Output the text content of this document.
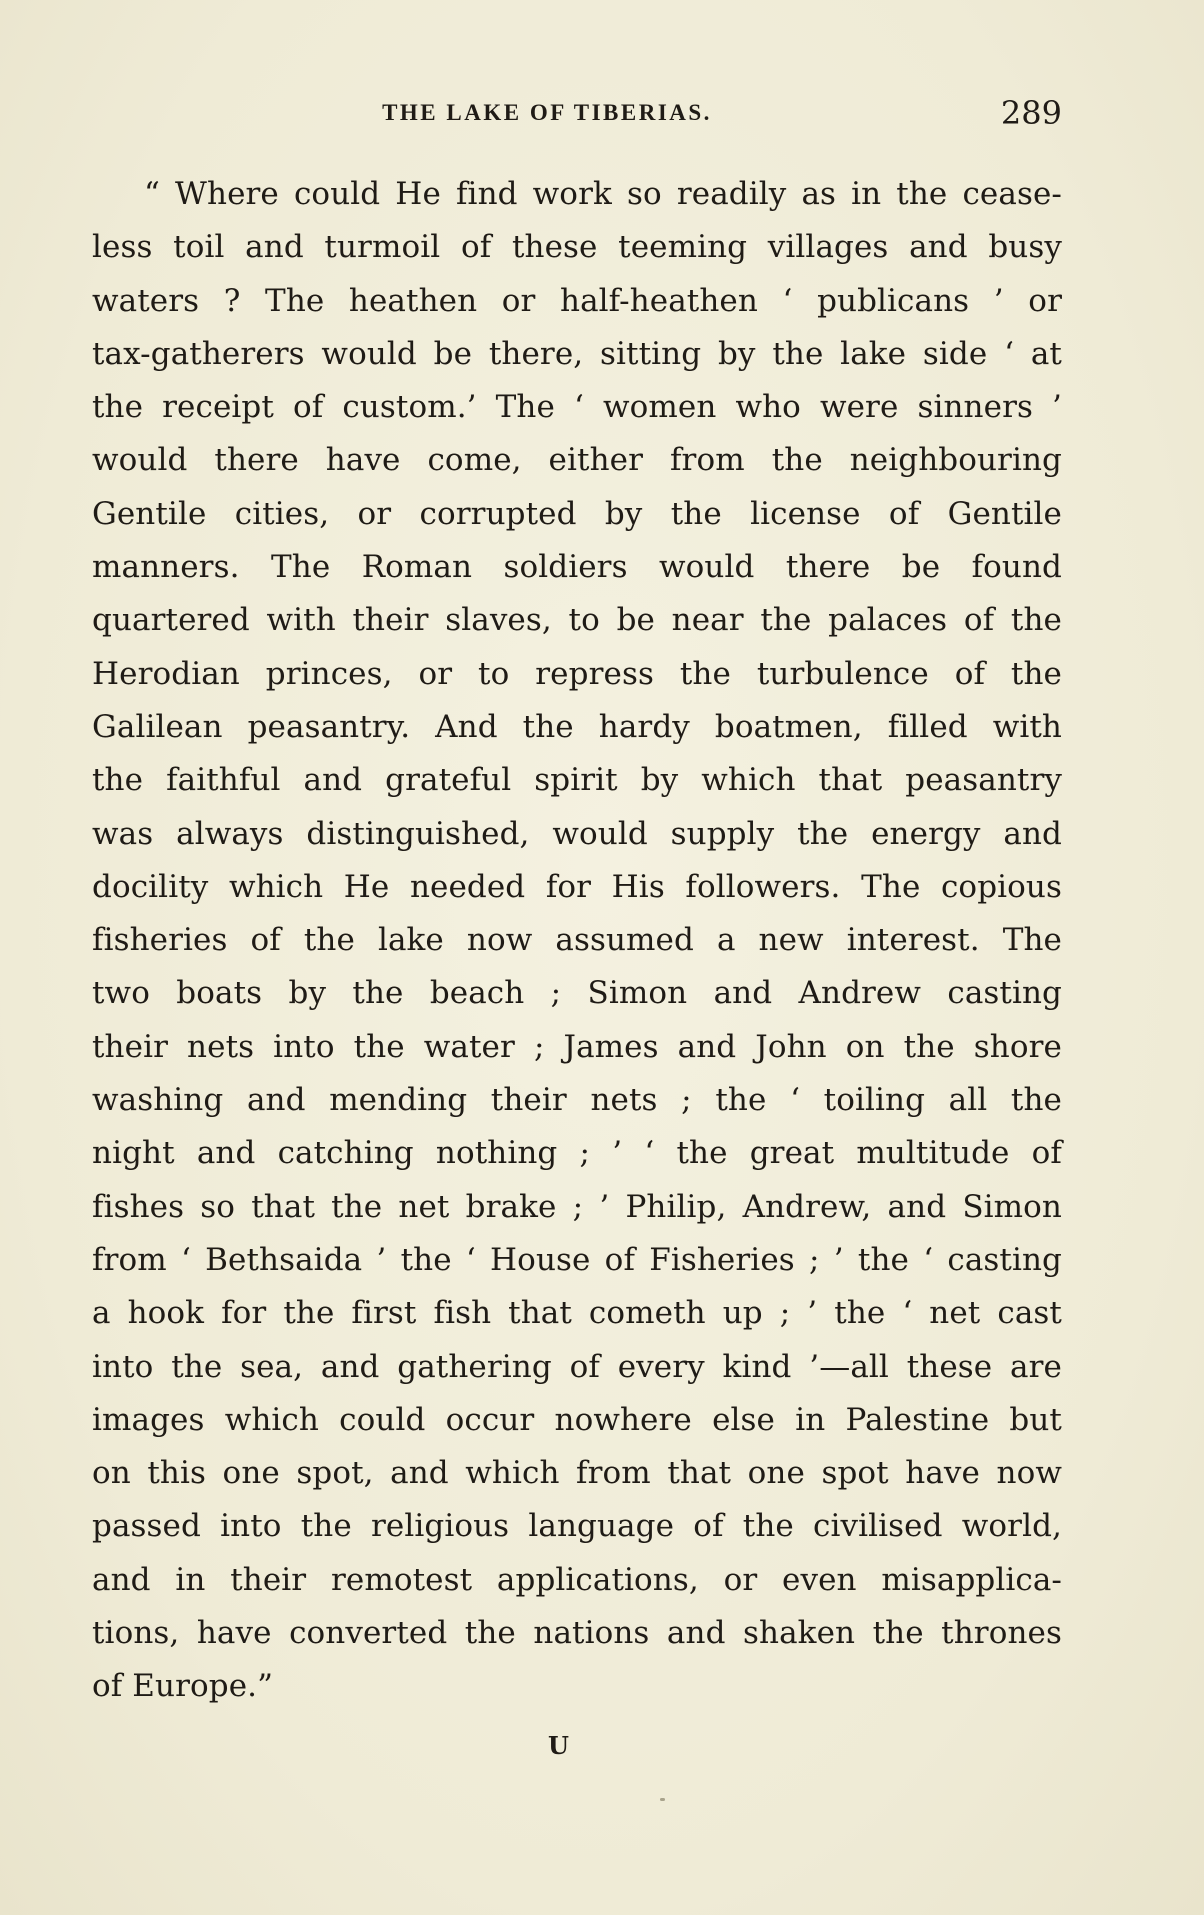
THE LAKE OF TIBERIAS.	289
“ Where could He find work so readily as in the cease-
less toil and turmoil of these teeming villages and busy
waters ? The heathen or half-heathen ‘ publicans ’ or
tax-gatherers would be there, sitting by the lake side ‘ at
the receipt of custom.’ The ‘ women who were sinners ’
would there have come, either from the neighbouring
Gentile cities, or corrupted by the license of Gentile
manners. The Roman soldiers would there be found
quartered with their slaves, to be near the palaces of the
Herodian princes, or to repress the turbulence of the
Galilean peasantry. And the hardy boatmen, filled with
the faithful and grateful spirit by which that peasantry
was always distinguished, would supply the energy and
docility which He needed for His followers. The copious
fisheries of the lake now assumed a new interest. The
two boats by the beach ; Simon and Andrew casting
their nets into the water ; James and John on the shore
washing and mending their nets ; the ‘ toiling all the
night and catching nothing ; ’ ‘ the great multitude of
fishes so that the net brake ; ’ Philip, Andrew, and Simon
from ‘ Bethsaida ’ the ‘ House of Fisheries ; ’ the ‘ casting
a hook for the first fish that cometh up ; ’ the ‘ net cast
into the sea, and gathering of every kind ’—all these are
images which could occur nowhere else in Palestine but
on this one spot, and which from that one spot have now
passed into the religious language of the civilised world,
and in their remotest applications, or even misapplica-
tions, have converted the nations and shaken the thrones
of Europe.”
U
